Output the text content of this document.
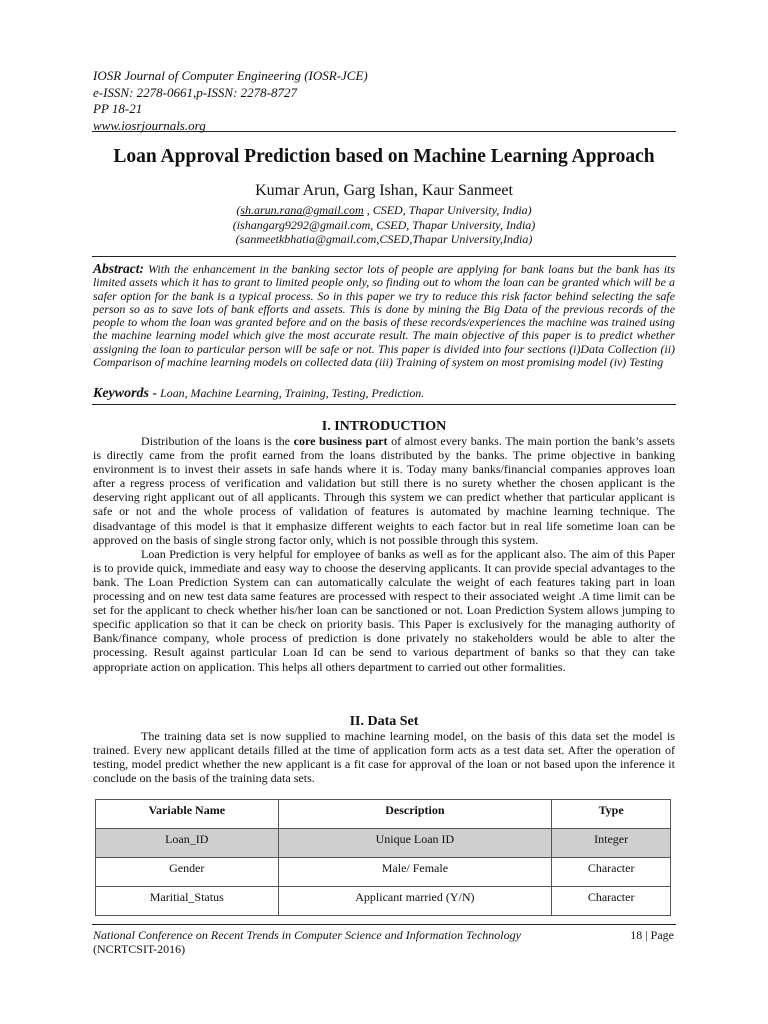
IOSR Journal of Computer Engineering (IOSR-JCE)
e-ISSN: 2278-0661,p-ISSN: 2278-8727
PP 18-21
www.iosrjournals.org
Loan Approval Prediction based on Machine Learning Approach
Kumar Arun, Garg Ishan, Kaur Sanmeet
(sh.arun.rana@gmail.com , CSED, Thapar University, India)
(ishangarg9292@gmail.com, CSED, Thapar University, India)
(sanmeetkbhatia@gmail.com,CSED,Thapar University,India)
Abstract: With the enhancement in the banking sector lots of people are applying for bank loans but the bank has its limited assets which it has to grant to limited people only, so finding out to whom the loan can be granted which will be a safer option for the bank is a typical process. So in this paper we try to reduce this risk factor behind selecting the safe person so as to save lots of bank efforts and assets. This is done by mining the Big Data of the previous records of the people to whom the loan was granted before and on the basis of these records/experiences the machine was trained using the machine learning model which give the most accurate result. The main objective of this paper is to predict whether assigning the loan to particular person will be safe or not. This paper is divided into four sections (i)Data Collection (ii) Comparison of machine learning models on collected data (iii) Training of system on most promising model (iv) Testing
Keywords - Loan, Machine Learning, Training, Testing, Prediction.
I. INTRODUCTION

Distribution of the loans is the core business part of almost every banks. The main portion the bank’s assets is directly came from the profit earned from the loans distributed by the banks. The prime objective in banking environment is to invest their assets in safe hands where it is. Today many banks/financial companies approves loan after a regress process of verification and validation but still there is no surety whether the chosen applicant is the deserving right applicant out of all applicants. Through this system we can predict whether that particular applicant is safe or not and the whole process of validation of features is automated by machine learning technique. The disadvantage of this model is that it emphasize different weights to each factor but in real life sometime loan can be approved on the basis of single strong factor only, which is not possible through this system.

Loan Prediction is very helpful for employee of banks as well as for the applicant also. The aim of this Paper is to provide quick, immediate and easy way to choose the deserving applicants. It can provide special advantages to the bank. The Loan Prediction System can can automatically calculate the weight of each features taking part in loan processing and on new test data same features are processed with respect to their associated weight .A time limit can be set for the applicant to check whether his/her loan can be sanctioned or not. Loan Prediction System allows jumping to specific application so that it can be check on priority basis. This Paper is exclusively for the managing authority of Bank/finance company, whole process of prediction is done privately no stakeholders would be able to alter the processing. Result against particular Loan Id can be send to various department of banks so that they can take appropriate action on application. This helps all others department to carried out other formalities.

II. Data Set

The training data set is now supplied to machine learning model, on the basis of this data set the model is trained. Every new applicant details filled at the time of application form acts as a test data set. After the operation of testing, model predict whether the new applicant is a fit case for approval of the loan or not based upon the inference it conclude on the basis of the training data sets.

Variable Name	Description	Type
Loan_ID	Unique Loan ID	Integer
Gender	Male/ Female	Character
Maritial_Status	Applicant married (Y/N)	Character
National Conference on Recent Trends in Computer Science and Information Technology
(NCRTCSIT-2016)
18 | Page
